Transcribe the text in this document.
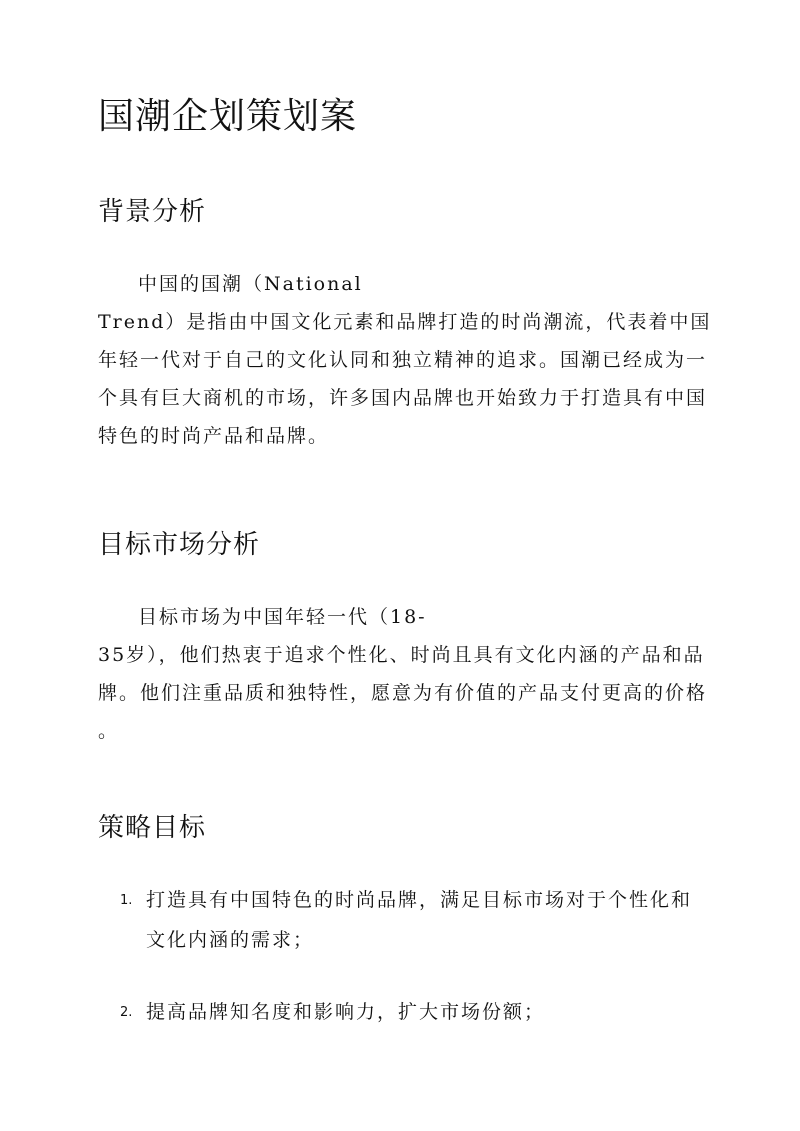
国潮企划策划案
背景分析
中国的国潮（National
Trend）是指由中国文化元素和品牌打造的时尚潮流，代表着中国
年轻一代对于自己的文化认同和独立精神的追求。国潮已经成为一
个具有巨大商机的市场，许多国内品牌也开始致力于打造具有中国
特色的时尚产品和品牌。
目标市场分析
目标市场为中国年轻一代（18-
35岁），他们热衷于追求个性化、时尚且具有文化内涵的产品和品
牌。他们注重品质和独特性，愿意为有价值的产品支付更高的价格
。
策略目标
1. 打造具有中国特色的时尚品牌，满足目标市场对于个性化和
文化内涵的需求；
2. 提高品牌知名度和影响力，扩大市场份额；
